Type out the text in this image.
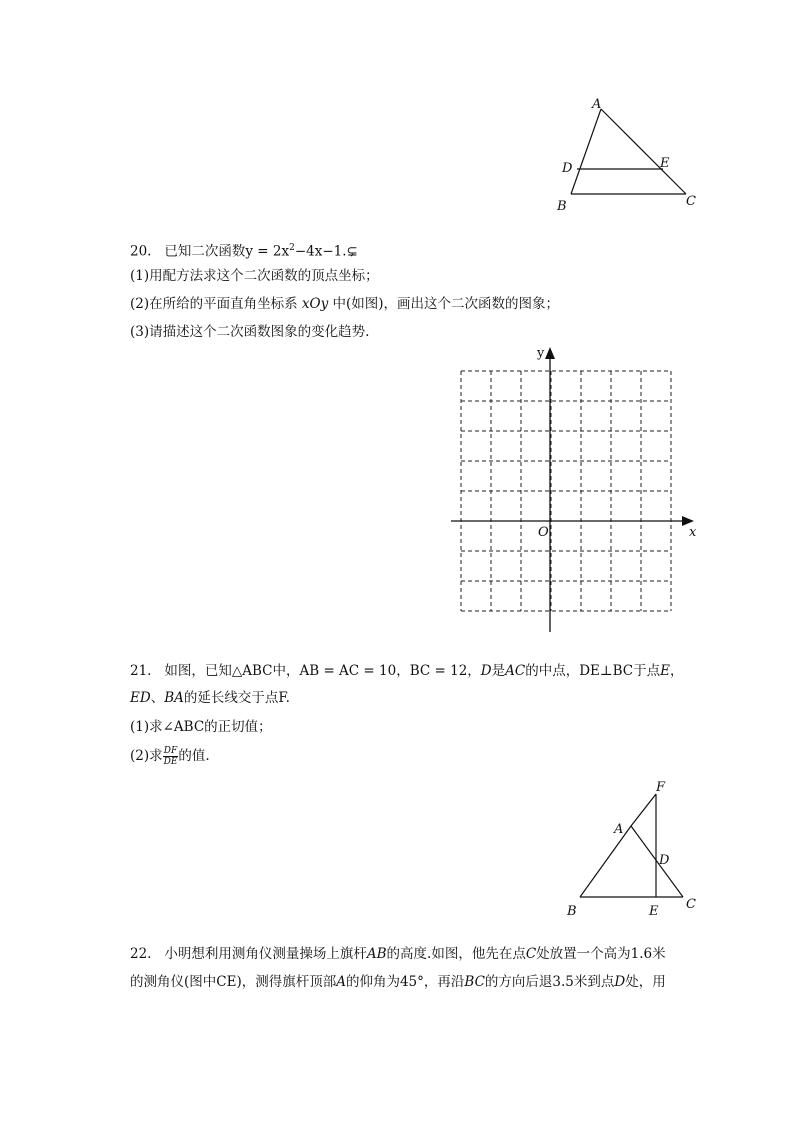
A
D	E
B	C
20. 已知二次函数$y = 2x^2-4x-1.⊊$
(1)用配方法求这个二次函数的顶点坐标；
(2)在所给的平面直角坐标系 xOy 中(如图)，画出这个二次函数的图象；
(3)请描述这个二次函数图象的变化趋势.
y
x
O
21. 如图，已知△ABC中，AB = AC = 10，BC = 12，D是AC的中点，DE⊥BC于点E，
ED、BA的延长线交于点F.
(1)求∠ABC的正切值；
(2)求 $\frac{DF}{DE}$ 的值.
F
A
D
B	E C
22. 小明想利用测角仪测量操场上旗杆AB的高度.如图，他先在点C处放置一个高为1.6米
的测角仪(图中CE)，测得旗杆顶部A的仰角为45°，再沿BC的方向后退3.5米到点D处，用
